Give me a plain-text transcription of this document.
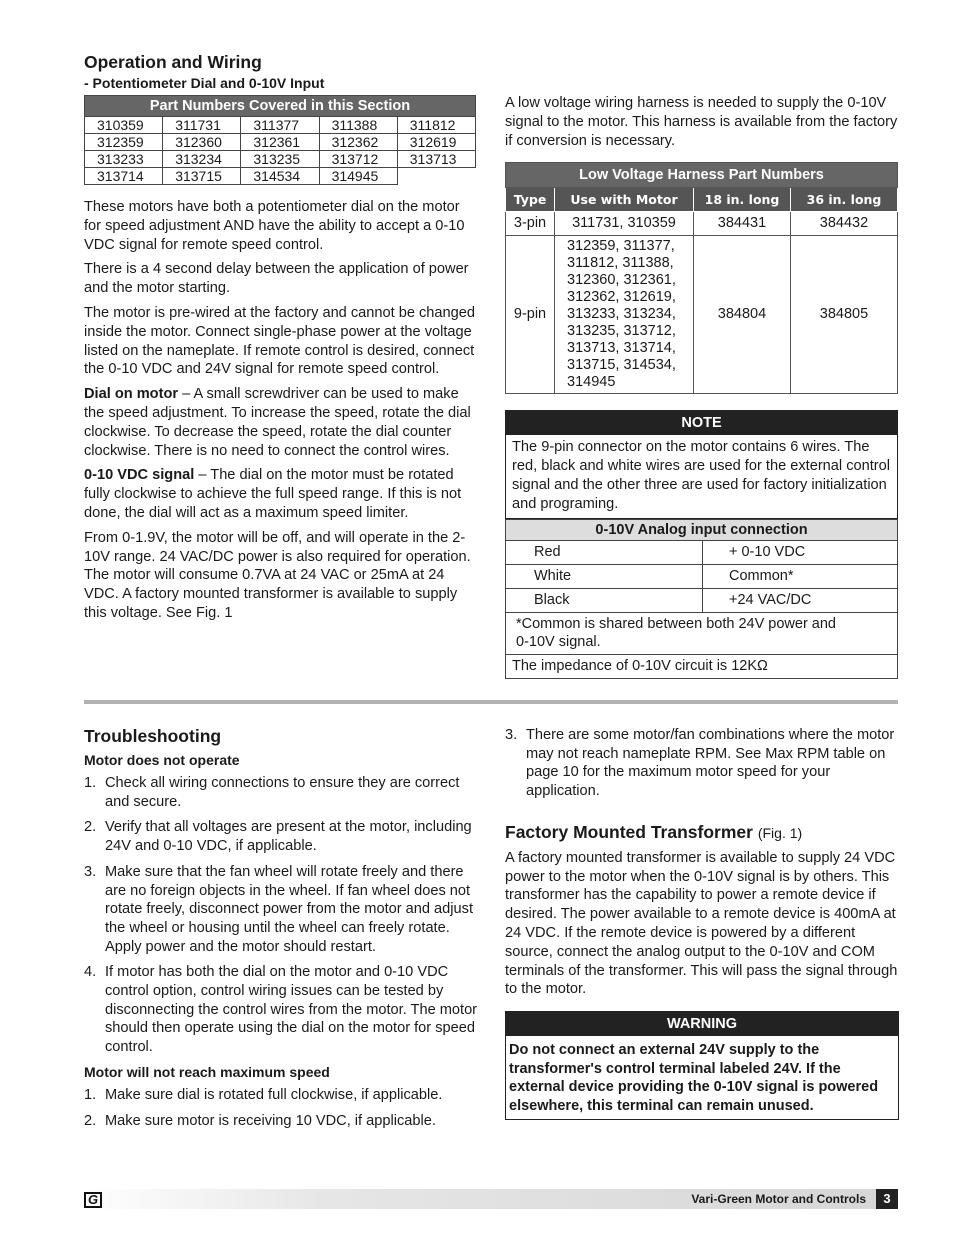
Operation and Wiring
- Potentiometer Dial and 0-10V Input
Part Numbers Covered in this Section				
310359	311731	311377	311388	311812
312359	312360	312361	312362	312619
313233	313234	313235	313712	313713
313714	313715	314534	314945	

These motors have both a potentiometer dial on the motor for speed adjustment AND have the ability to accept a 0-10 VDC signal for remote speed control.

There is a 4 second delay between the application of power and the motor starting.

The motor is pre-wired at the factory and cannot be changed inside the motor. Connect single-phase power at the voltage listed on the nameplate. If remote control is desired, connect the 0-10 VDC and 24V signal for remote speed control.

Dial on motor – A small screwdriver can be used to make the speed adjustment. To increase the speed, rotate the dial clockwise. To decrease the speed, rotate the dial counter clockwise. There is no need to connect the control wires.

0-10 VDC signal – The dial on the motor must be rotated fully clockwise to achieve the full speed range. If this is not done, the dial will act as a maximum speed limiter.

From 0-1.9V, the motor will be off, and will operate in the 2-10V range. 24 VAC/DC power is also required for operation. The motor will consume 0.7VA at 24 VAC or 25mA at 24 VDC. A factory mounted transformer is available to supply this voltage. See Fig. 1

A low voltage wiring harness is needed to supply the 0-10V signal to the motor. This harness is available from the factory if conversion is necessary.

Low Voltage Harness Part Numbers			
Type	Use with Motor	18 in. long	36 in. long
3-pin	311731, 310359	384431	384432
9-pin	312359, 311377, 311812, 311388, 312360, 312361, 312362, 312619, 313233, 313234, 313235, 313712, 313713, 313714, 313715, 314534, 314945	384804	384805
NOTE
The 9-pin connector on the motor contains 6 wires. The red, black and white wires are used for the external control signal and the other three are used for factory initialization and programing.
0-10V Analog input connection	
Red	+ 0-10 VDC
White	Common*
Black	+24 VAC/DC
*Common is shared between both 24V power and 0-10V signal.	
The impedance of 0-10V circuit is 12KΩ	
Troubleshooting
Motor does not operate
1. Check all wiring connections to ensure they are correct and secure.
2. Verify that all voltages are present at the motor, including 24V and 0-10 VDC, if applicable.
3. Make sure that the fan wheel will rotate freely and there are no foreign objects in the wheel. If fan wheel does not rotate freely, disconnect power from the motor and adjust the wheel or housing until the wheel can freely rotate. Apply power and the motor should restart.
4. If motor has both the dial on the motor and 0-10 VDC control option, control wiring issues can be tested by disconnecting the control wires from the motor. The motor should then operate using the dial on the motor for speed control.
Motor will not reach maximum speed
1. Make sure dial is rotated full clockwise, if applicable.
2. Make sure motor is receiving 10 VDC, if applicable.
3. There are some motor/fan combinations where the motor may not reach nameplate RPM. See Max RPM table on page 10 for the maximum motor speed for your application.
Factory Mounted Transformer (Fig. 1)

A factory mounted transformer is available to supply 24 VDC power to the motor when the 0-10V signal is by others. This transformer has the capability to power a remote device if desired. The power available to a remote device is 400mA at 24 VDC. If the remote device is powered by a different source, connect the analog output to the 0-10V and COM terminals of the transformer. This will pass the signal through to the motor.

WARNING
Do not connect an external 24V supply to the transformer's control terminal labeled 24V. If the external device providing the 0-10V signal is powered elsewhere, this terminal can remain unused.
G	Vari-Green Motor and Controls	3
